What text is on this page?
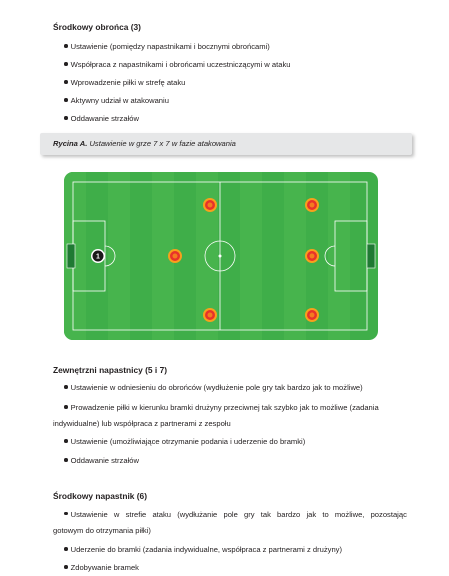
Środkowy obrońca (3)
Ustawienie (pomiędzy napastnikami i bocznymi obrońcami)
Współpraca z napastnikami i obrońcami uczestniczącymi w ataku
Wprowadzenie piłki w strefę ataku
Aktywny udział w atakowaniu
Oddawanie strzałów
Rycina A. Ustawienie w grze 7 x 7 w fazie atakowania
1
Zewnętrzni napastnicy (5 i 7)
Ustawienie w odniesieniu do obrońców (wydłużenie pole gry tak bardzo jak to możliwe)
Prowadzenie piłki w kierunku bramki drużyny przeciwnej tak szybko jak to możliwe (zadania
indywidualne) lub współpraca z partnerami z zespołu
Ustawienie (umożliwiające otrzymanie podania i uderzenie do bramki)
Oddawanie strzałów
Środkowy napastnik (6)
Ustawienie w streﬁe ataku (wydłużanie pole gry tak bardzo jak to możliwe, pozostając
gotowym do otrzymania piłki)
Uderzenie do bramki (zadania indywidualne, współpraca z partnerami z drużyny)
Zdobywanie bramek
